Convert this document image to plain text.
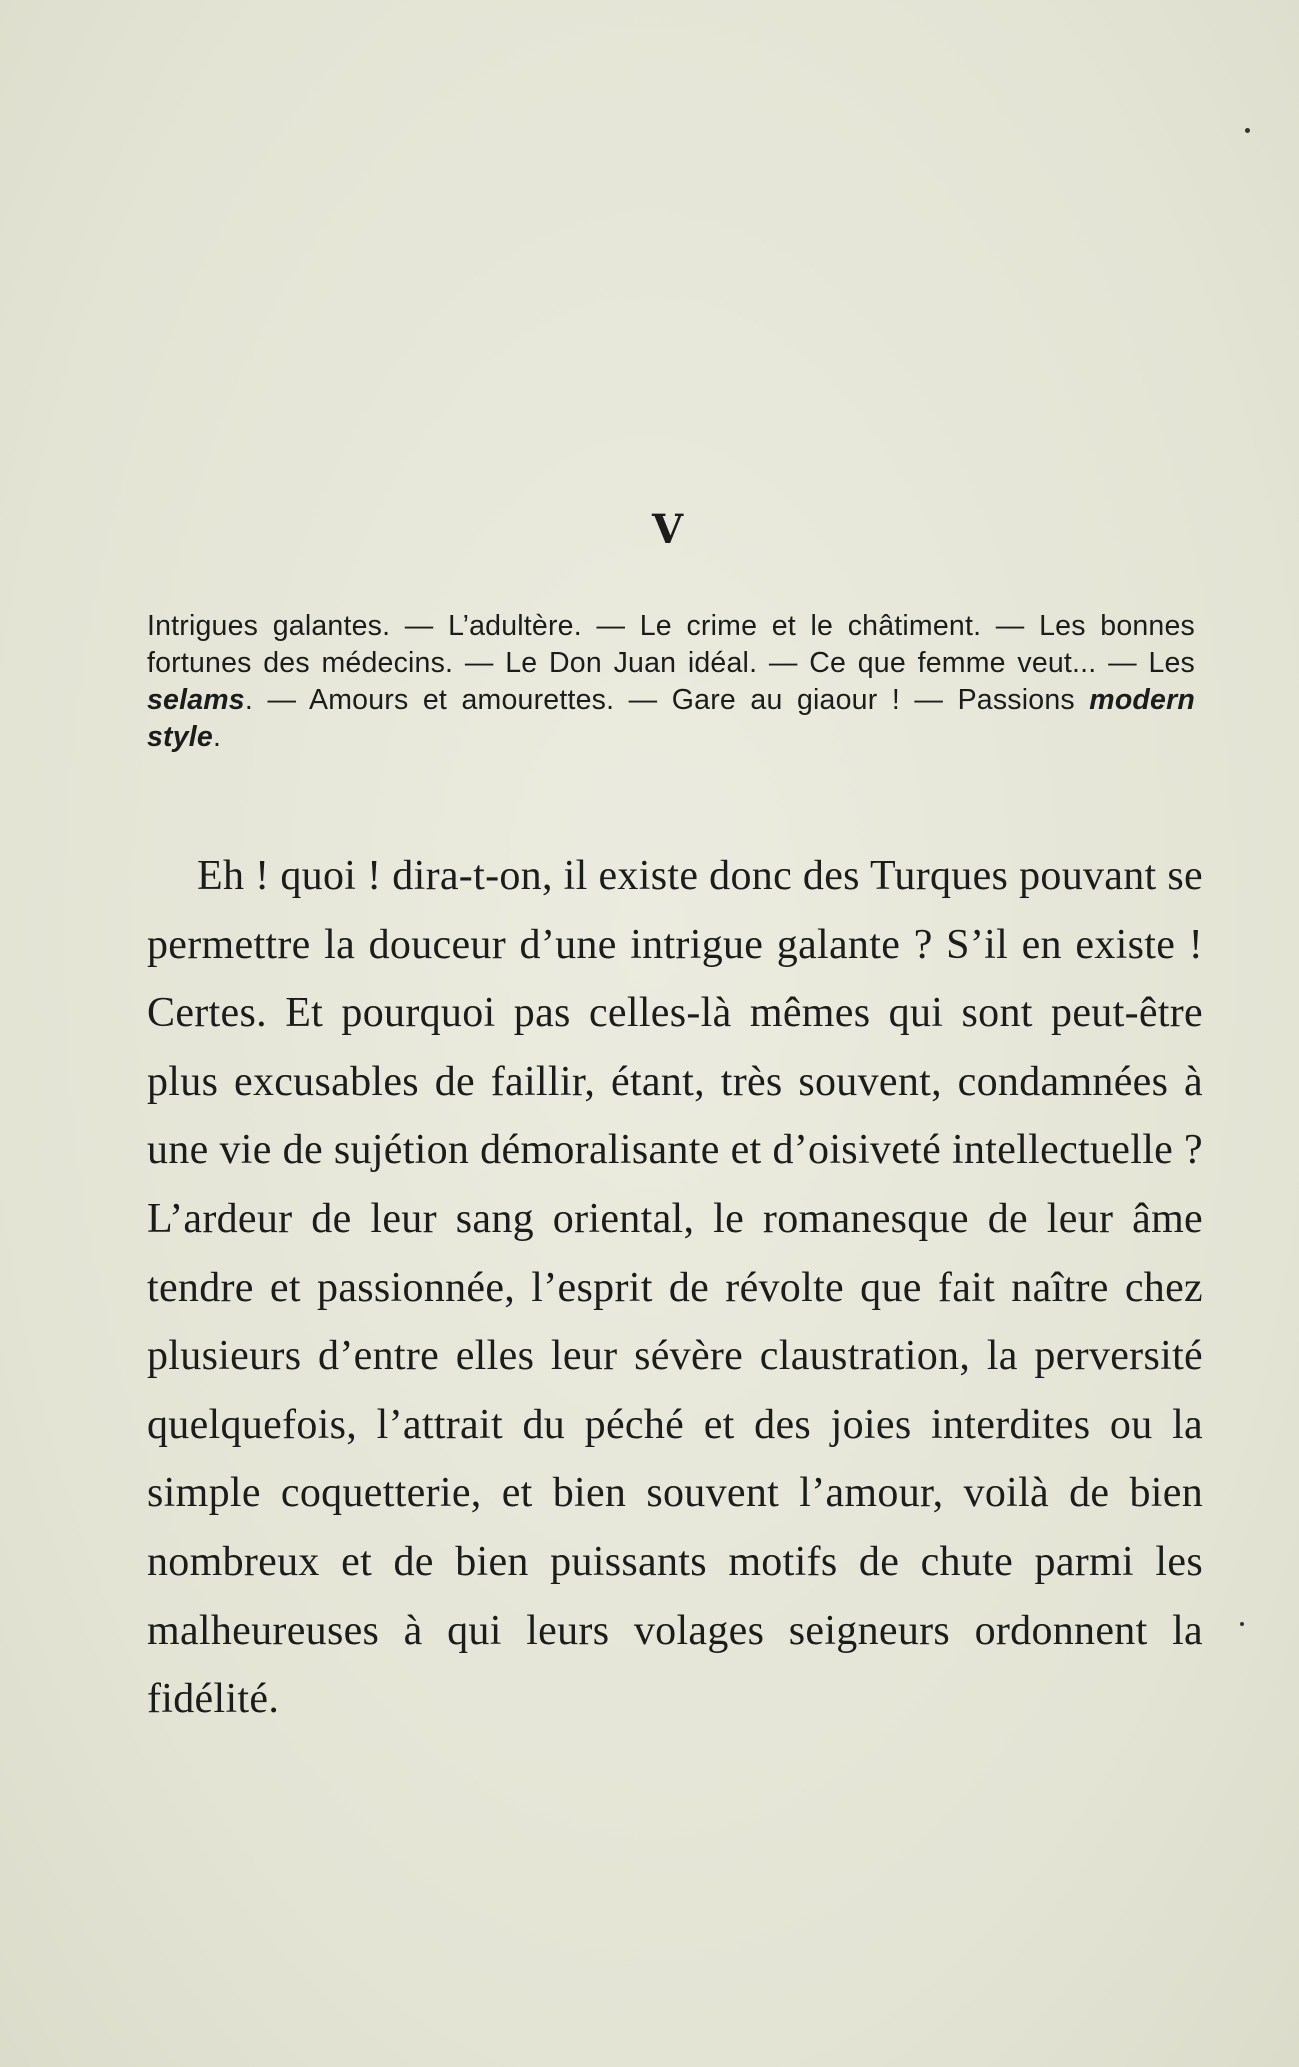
V

Intrigues galantes. — L’adultère. — Le crime et le châtiment. — Les bonnes fortunes des médecins. — Le Don Juan idéal. — Ce que femme veut... — Les selams. — Amours et amourettes. — Gare au giaour ! — Passions modern style.

Eh ! quoi ! dira-t-on, il existe donc des Turques pouvant se permettre la douceur d’une intrigue galante ? S’il en existe ! Certes. Et pourquoi pas celles-là mêmes qui sont peut-être plus excusables de faillir, étant, très souvent, condamnées à une vie de sujétion démoralisante et d’oisiveté intellectuelle ? L’ardeur de leur sang oriental, le romanesque de leur âme tendre et passionnée, l’esprit de révolte que fait naître chez plusieurs d’entre elles leur sévère claustration, la perversité quelquefois, l’attrait du péché et des joies interdites ou la simple coquetterie, et bien souvent l’amour, voilà de bien nombreux et de bien puissants motifs de chute parmi les malheureuses à qui leurs volages seigneurs ordonnent la fidélité.
